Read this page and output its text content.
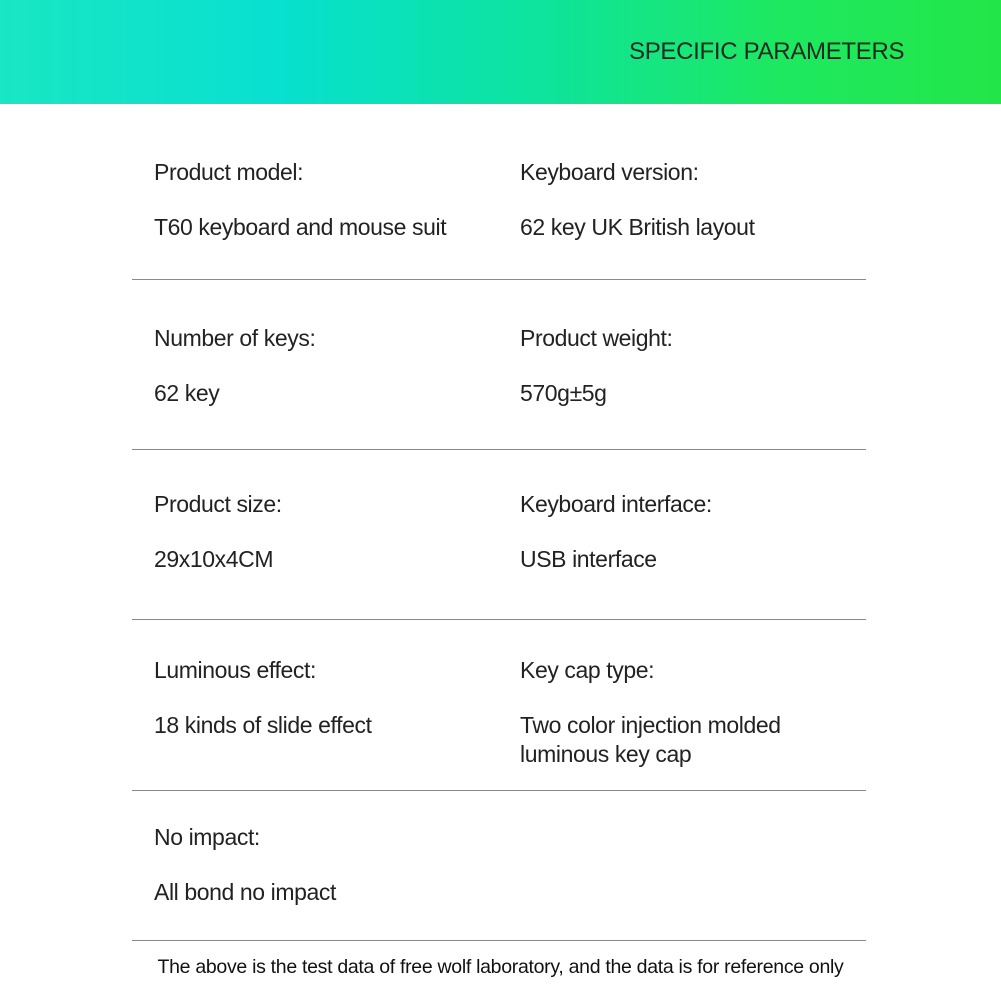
SPECIFIC PARAMETERS
Product model:
T60 keyboard and mouse suit
Keyboard version:
62 key UK British layout
Number of keys:
62 key
Product weight:
570g±5g
Product size:
29x10x4CM
Keyboard interface:
USB interface
Luminous effect:
18 kinds of slide effect
Key cap type:
Two color injection molded luminous key cap
No impact:
All bond no impact
The above is the test data of free wolf laboratory, and the data is for reference only
